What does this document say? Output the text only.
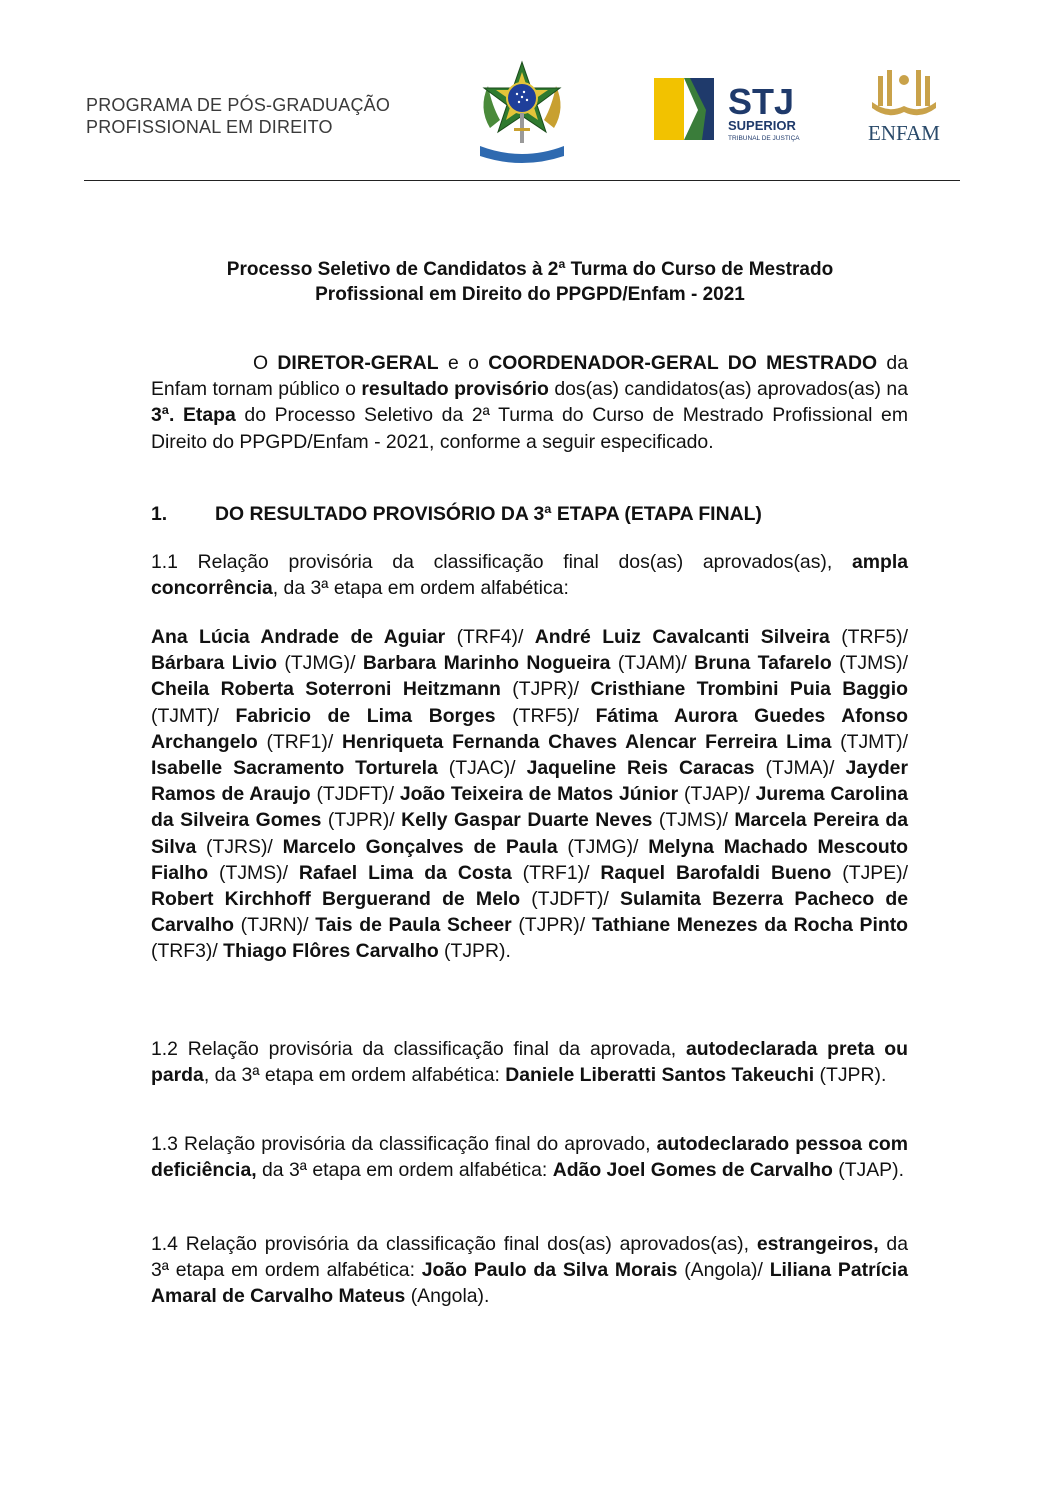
PROGRAMA DE PÓS-GRADUAÇÃO
PROFISSIONAL EM DIREITO
STJ
SUPERIOR
TRIBUNAL DE JUSTIÇA	ENFAM
Processo Seletivo de Candidatos à 2ª Turma do Curso de Mestrado
Profissional em Direito do PPGPD/Enfam - 2021
O DIRETOR-GERAL e o COORDENADOR-GERAL DO MESTRADO da Enfam tornam público o resultado provisório dos(as) candidatos(as) aprovados(as) na 3ª. Etapa do Processo Seletivo da 2ª Turma do Curso de Mestrado Profissional em Direito do PPGPD/Enfam - 2021, conforme a seguir especificado.
1. DO RESULTADO PROVISÓRIO DA 3ª ETAPA (ETAPA FINAL)
1.1 Relação provisória da classificação final dos(as) aprovados(as), ampla concorrência, da 3ª etapa em ordem alfabética:
Ana Lúcia Andrade de Aguiar (TRF4)/ André Luiz Cavalcanti Silveira (TRF5)/ Bárbara Livio (TJMG)/ Barbara Marinho Nogueira (TJAM)/ Bruna Tafarelo (TJMS)/ Cheila Roberta Soterroni Heitzmann (TJPR)/ Cristhiane Trombini Puia Baggio (TJMT)/ Fabricio de Lima Borges (TRF5)/ Fátima Aurora Guedes Afonso Archangelo (TRF1)/ Henriqueta Fernanda Chaves Alencar Ferreira Lima (TJMT)/ Isabelle Sacramento Torturela (TJAC)/ Jaqueline Reis Caracas (TJMA)/ Jayder Ramos de Araujo (TJDFT)/ João Teixeira de Matos Júnior (TJAP)/ Jurema Carolina da Silveira Gomes (TJPR)/ Kelly Gaspar Duarte Neves (TJMS)/ Marcela Pereira da Silva (TJRS)/ Marcelo Gonçalves de Paula (TJMG)/ Melyna Machado Mescouto Fialho (TJMS)/ Rafael Lima da Costa (TRF1)/ Raquel Barofaldi Bueno (TJPE)/ Robert Kirchhoff Berguerand de Melo (TJDFT)/ Sulamita Bezerra Pacheco de Carvalho (TJRN)/ Tais de Paula Scheer (TJPR)/ Tathiane Menezes da Rocha Pinto (TRF3)/ Thiago Flôres Carvalho (TJPR).
1.2 Relação provisória da classificação final da aprovada, autodeclarada preta ou parda, da 3ª etapa em ordem alfabética: Daniele Liberatti Santos Takeuchi (TJPR).
1.3 Relação provisória da classificação final do aprovado, autodeclarado pessoa com deficiência, da 3ª etapa em ordem alfabética: Adão Joel Gomes de Carvalho (TJAP).
1.4 Relação provisória da classificação final dos(as) aprovados(as), estrangeiros, da 3ª etapa em ordem alfabética: João Paulo da Silva Morais (Angola)/ Liliana Patrícia Amaral de Carvalho Mateus (Angola).
